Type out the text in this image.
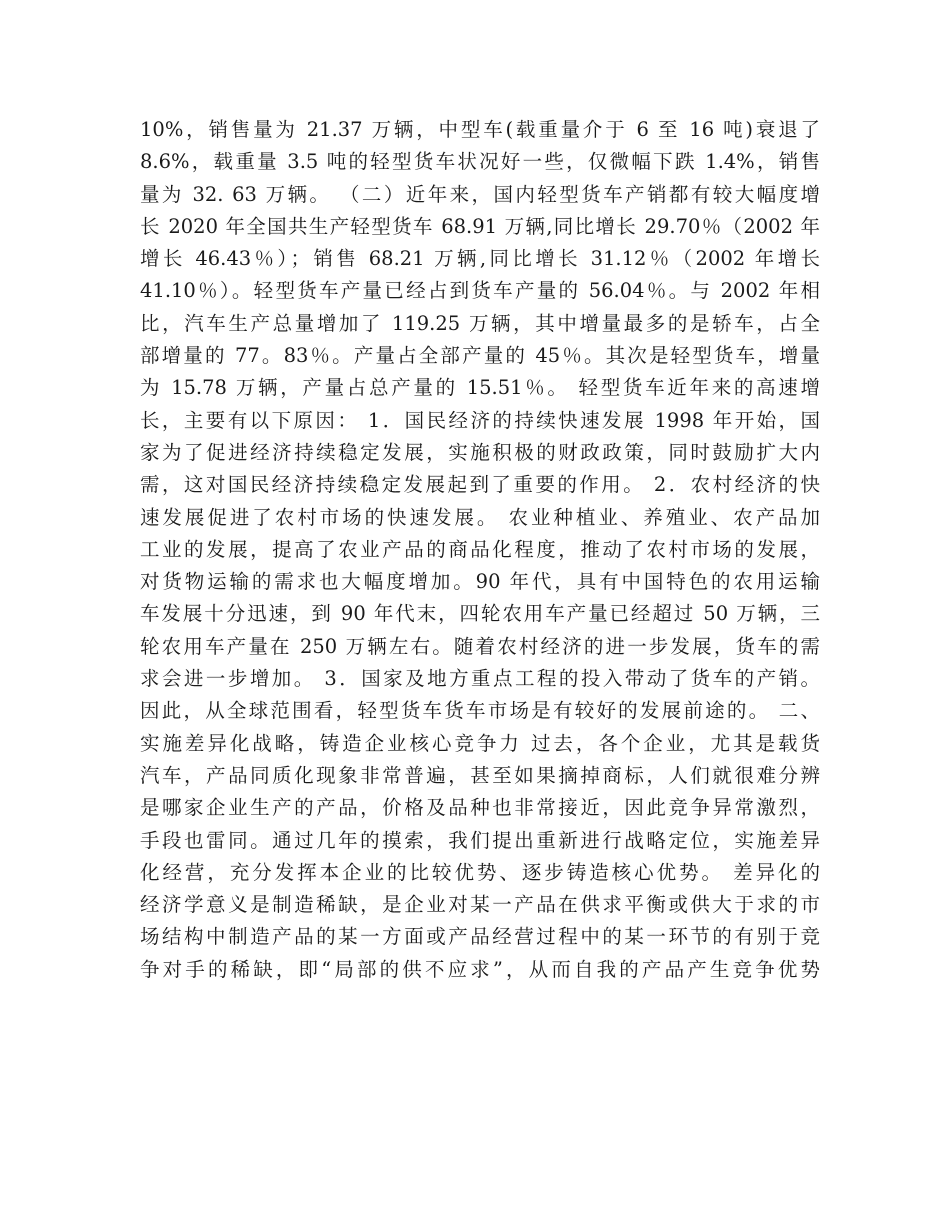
10%，销售量为 21.37 万辆，中型车(载重量介于 6 至 16 吨)衰退了
8.6%，载重量 3.5 吨的轻型货车状况好一些，仅微幅下跌 1.4%，销售
量为 32. 63 万辆。 （二）近年来，国内轻型货车产销都有较大幅度增
长 2020 年全国共生产轻型货车 68.91 万辆,同比增长 29.70％（2002 年
增长 46.43％）；销售 68.21 万辆,同比增长 31.12％（2002 年增长
41.10％）。轻型货车产量已经占到货车产量的 56.04％。与 2002 年相
比，汽车生产总量增加了 119.25 万辆，其中增量最多的是轿车，占全
部增量的 77。83％。产量占全部产量的 45％。其次是轻型货车，增量
为 15.78 万辆，产量占总产量的 15.51％。 轻型货车近年来的高速增
长，主要有以下原因： 1．国民经济的持续快速发展 1998 年开始，国
家为了促进经济持续稳定发展，实施积极的财政政策，同时鼓励扩大内
需，这对国民经济持续稳定发展起到了重要的作用。 2．农村经济的快
速发展促进了农村市场的快速发展。 农业种植业、养殖业、农产品加
工业的发展，提高了农业产品的商品化程度，推动了农村市场的发展，
对货物运输的需求也大幅度增加。90 年代，具有中国特色的农用运输
车发展十分迅速，到 90 年代末，四轮农用车产量已经超过 50 万辆，三
轮农用车产量在 250 万辆左右。随着农村经济的进一步发展，货车的需
求会进一步增加。 3．国家及地方重点工程的投入带动了货车的产销。
因此，从全球范围看，轻型货车货车市场是有较好的发展前途的。 二、
实施差异化战略，铸造企业核心竞争力 过去，各个企业，尤其是载货
汽车，产品同质化现象非常普遍，甚至如果摘掉商标，人们就很难分辨
是哪家企业生产的产品，价格及品种也非常接近，因此竞争异常激烈，
手段也雷同。通过几年的摸索，我们提出重新进行战略定位，实施差异
化经营，充分发挥本企业的比较优势、逐步铸造核心优势。 差异化的
经济学意义是制造稀缺，是企业对某一产品在供求平衡或供大于求的市
场结构中制造产品的某一方面或产品经营过程中的某一环节的有别于竞
争对手的稀缺，即“局部的供不应求”，从而自我的产品产生竞争优势
